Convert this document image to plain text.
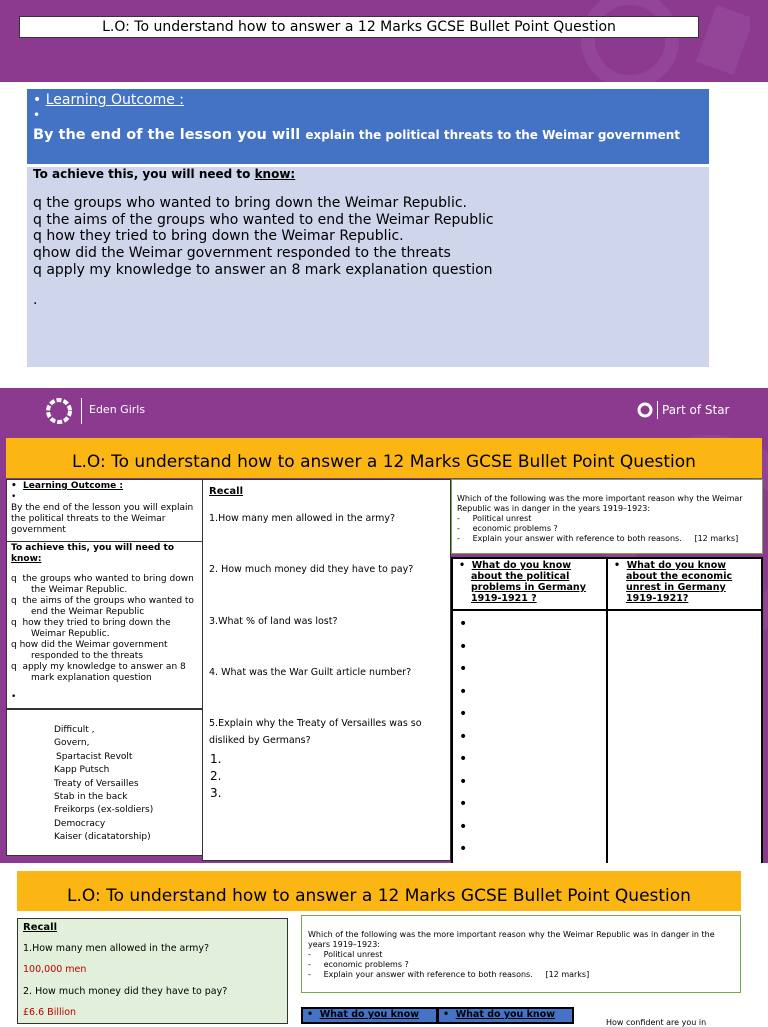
L.O: To understand how to answer a 12 Marks GCSE Bullet Point Question
• Learning Outcome :
•
By the end of the lesson you will explain the political threats to the Weimar government
To achieve this, you will need to know:
q the groups who wanted to bring down the Weimar Republic.
q the aims of the groups who wanted to end the Weimar Republic
q how they tried to bring down the Weimar Republic.
qhow did the Weimar government responded to the threats
q apply my knowledge to answer an 8 mark explanation question
.
Eden Girls	Part of Star
L.O: To understand how to answer a 12 Marks GCSE Bullet Point Question
•  Learning Outcome :
•
By the end of the lesson you will explain the political threats to the Weimar government
To achieve this, you will need to
know:
q  the groups who wanted to bring down the Weimar Republic.
q  the aims of the groups who wanted to end the Weimar Republic
q  how they tried to bring down the Weimar Republic.
q how did the Weimar government responded to the threats
q  apply my knowledge to answer an 8 mark explanation question
•
Difficult ,
Govern,
Spartacist Revolt
Kapp Putsch
Treaty of Versailles
Stab in the back
Freikorps (ex-soldiers)
Democracy
Kaiser (dicatatorship)
Recall
1.How many men allowed in the army?
2. How much money did they have to pay?
3.What % of land was lost?
4. What was the War Guilt article number?
5.Explain why the Treaty of Versailles was so disliked by Germans?
1.
2.
3.
Which of the following was the more important reason why the Weimar Republic was in danger in the years 1919–1923:
-     Political unrest
-     economic problems ?
-     Explain your answer with reference to both reasons. [12 marks]
•  What do you know about the political problems in Germany 1919-1921 ?
•  What do you know about the economic unrest in Germany 1919-1921?
•
•
•
•
•
•
•
•
•
•
•
L.O: To understand how to answer a 12 Marks GCSE Bullet Point Question
Recall
1.How many men allowed in the army?
100,000 men
2. How much money did they have to pay?
£6.6 Billion
Which of the following was the more important reason why the Weimar Republic was in danger in the years 1919–1923:
-     Political unrest
-     economic problems ?
-     Explain your answer with reference to both reasons. [12 marks]
•  What do you know	•  What do you know
How confident are you in
